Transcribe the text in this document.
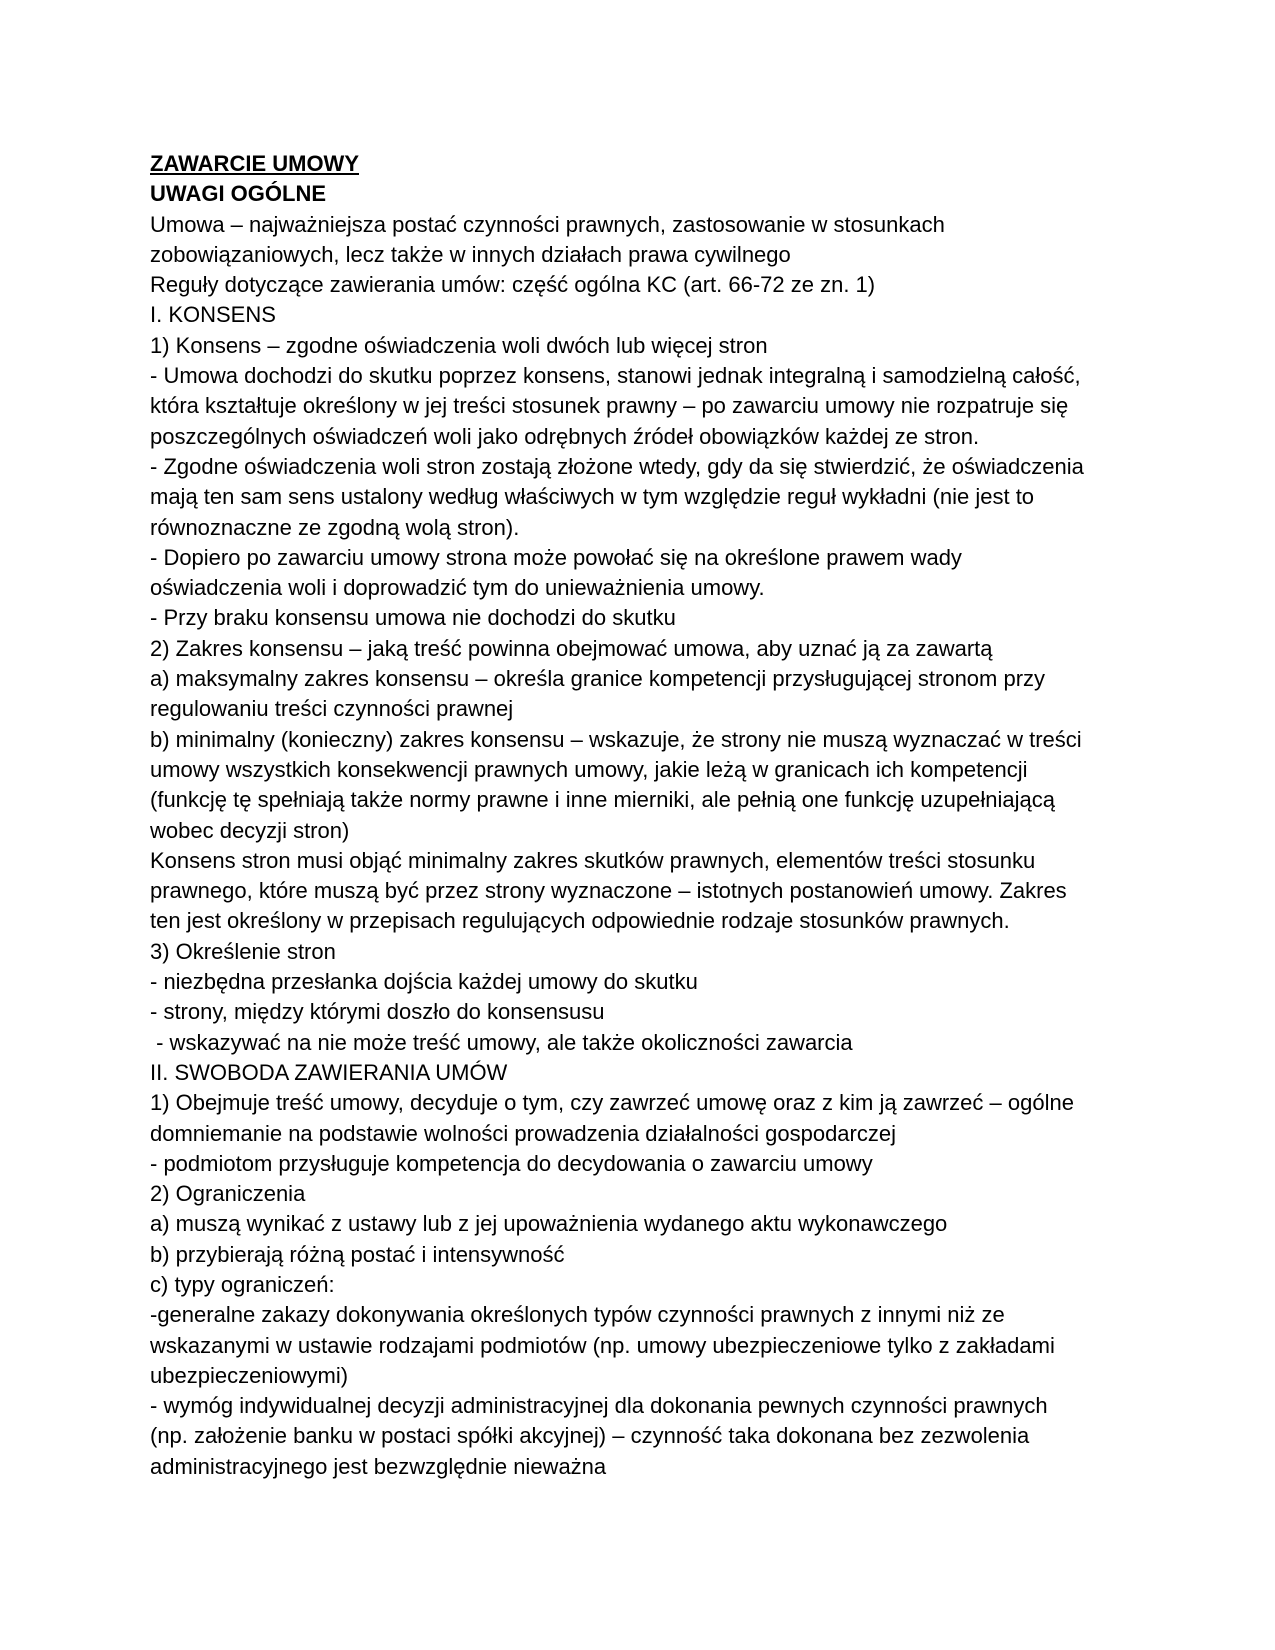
ZAWARCIE UMOWY
UWAGI OGÓLNE
Umowa – najważniejsza postać czynności prawnych, zastosowanie w stosunkach
zobowiązaniowych, lecz także w innych działach prawa cywilnego
Reguły dotyczące zawierania umów: część ogólna KC (art. 66-72 ze zn. 1)
I. KONSENS
1) Konsens – zgodne oświadczenia woli dwóch lub więcej stron
- Umowa dochodzi do skutku poprzez konsens, stanowi jednak integralną i samodzielną całość,
która kształtuje określony w jej treści stosunek prawny – po zawarciu umowy nie rozpatruje się
poszczególnych oświadczeń woli jako odrębnych źródeł obowiązków każdej ze stron.
- Zgodne oświadczenia woli stron zostają złożone wtedy, gdy da się stwierdzić, że oświadczenia
mają ten sam sens ustalony według właściwych w tym względzie reguł wykładni (nie jest to
równoznaczne ze zgodną wolą stron).
- Dopiero po zawarciu umowy strona może powołać się na określone prawem wady
oświadczenia woli i doprowadzić tym do unieważnienia umowy.
- Przy braku konsensu umowa nie dochodzi do skutku
2) Zakres konsensu – jaką treść powinna obejmować umowa, aby uznać ją za zawartą
a) maksymalny zakres konsensu – określa granice kompetencji przysługującej stronom przy
regulowaniu treści czynności prawnej
b) minimalny (konieczny) zakres konsensu – wskazuje, że strony nie muszą wyznaczać w treści
umowy wszystkich konsekwencji prawnych umowy, jakie leżą w granicach ich kompetencji
(funkcję tę spełniają także normy prawne i inne mierniki, ale pełnią one funkcję uzupełniającą
wobec decyzji stron)
Konsens stron musi objąć minimalny zakres skutków prawnych, elementów treści stosunku
prawnego, które muszą być przez strony wyznaczone – istotnych postanowień umowy. Zakres
ten jest określony w przepisach regulujących odpowiednie rodzaje stosunków prawnych.
3) Określenie stron
- niezbędna przesłanka dojścia każdej umowy do skutku
- strony, między którymi doszło do konsensusu
- wskazywać na nie może treść umowy, ale także okoliczności zawarcia
II. SWOBODA ZAWIERANIA UMÓW
1) Obejmuje treść umowy, decyduje o tym, czy zawrzeć umowę oraz z kim ją zawrzeć – ogólne
domniemanie na podstawie wolności prowadzenia działalności gospodarczej
- podmiotom przysługuje kompetencja do decydowania o zawarciu umowy
2) Ograniczenia
a) muszą wynikać z ustawy lub z jej upoważnienia wydanego aktu wykonawczego
b) przybierają różną postać i intensywność
c) typy ograniczeń:
-generalne zakazy dokonywania określonych typów czynności prawnych z innymi niż ze
wskazanymi w ustawie rodzajami podmiotów (np. umowy ubezpieczeniowe tylko z zakładami
ubezpieczeniowymi)
- wymóg indywidualnej decyzji administracyjnej dla dokonania pewnych czynności prawnych
(np. założenie banku w postaci spółki akcyjnej) – czynność taka dokonana bez zezwolenia
administracyjnego jest bezwzględnie nieważna
